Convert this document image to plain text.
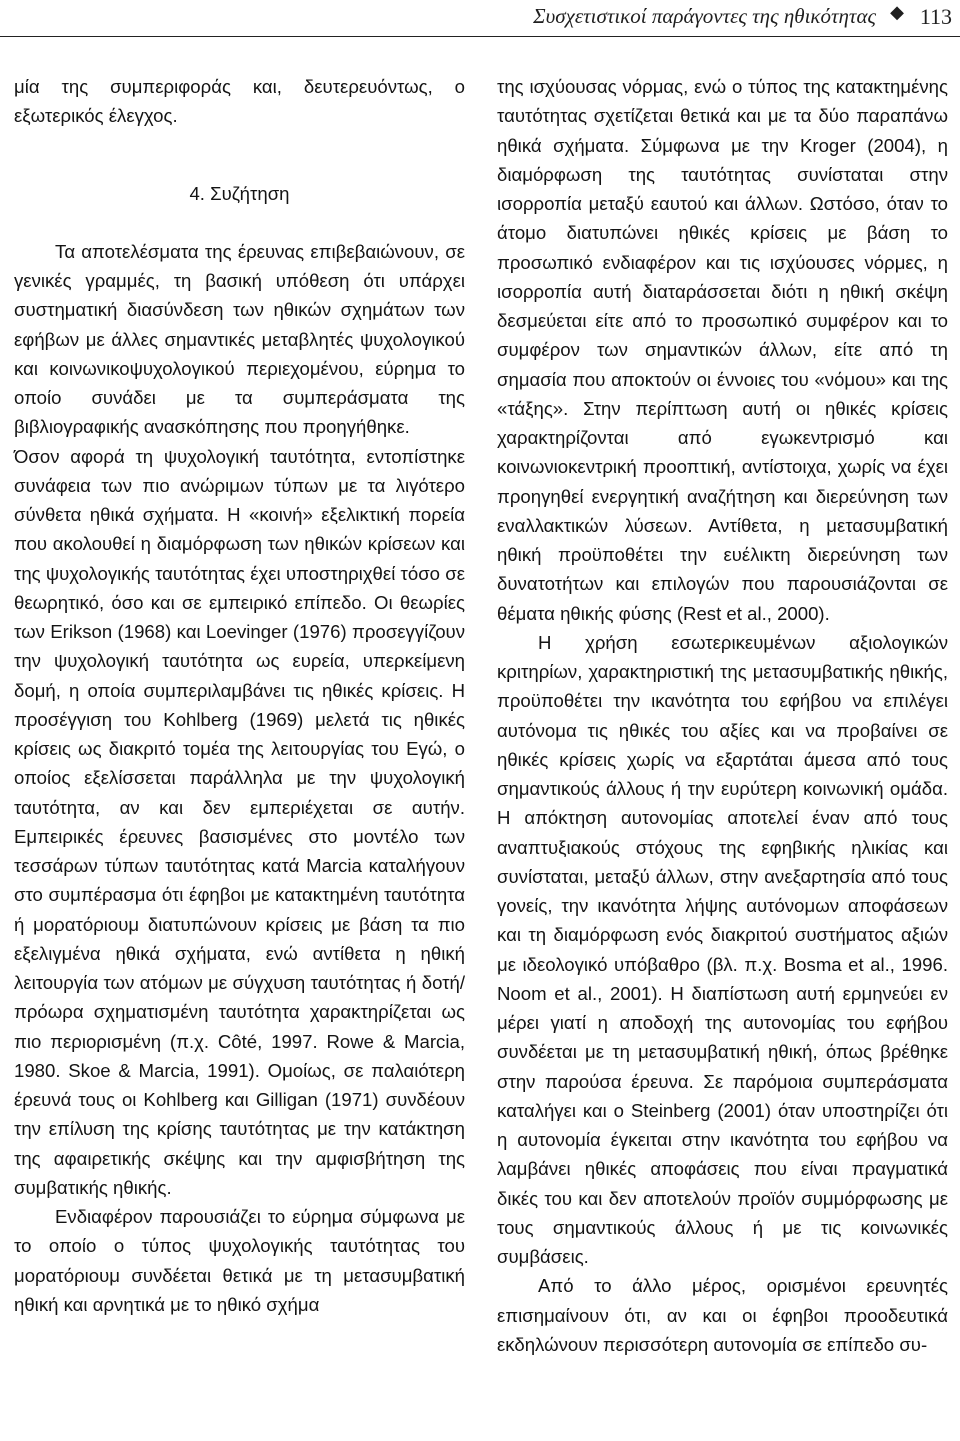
Συσχετιστικοί παράγοντες της ηθικότητας ◆ 113

μία της συμπεριφοράς και, δευτερευόντως, ο εξωτερικός έλεγχος.

4. Συζήτηση

Τα αποτελέσματα της έρευνας επιβεβαιώνουν, σε γενικές γραμμές, τη βασική υπόθεση ότι υπάρχει συστηματική διασύνδεση των ηθικών σχημάτων των εφήβων με άλλες σημαντικές μεταβλητές ψυχολογικού και κοινωνικοψυχολογικού περιεχομένου, εύρημα το οποίο συνάδει με τα συμπεράσματα της βιβλιογραφικής ανασκόπησης που προηγήθηκε.

Όσον αφορά τη ψυχολογική ταυτότητα, εντοπίστηκε συνάφεια των πιο ανώριμων τύπων με τα λιγότερο σύνθετα ηθικά σχήματα. Η «κοινή» εξελικτική πορεία που ακολουθεί η διαμόρφωση των ηθικών κρίσεων και της ψυχολογικής ταυτότητας έχει υποστηριχθεί τόσο σε θεωρητικό, όσο και σε εμπειρικό επίπεδο. Οι θεωρίες των Erikson (1968) και Loevinger (1976) προσεγγίζουν την ψυχολογική ταυτότητα ως ευρεία, υπερκείμενη δομή, η οποία συμπεριλαμβάνει τις ηθικές κρίσεις. Η προσέγγιση του Kohlberg (1969) μελετά τις ηθικές κρίσεις ως διακριτό τομέα της λειτουργίας του Εγώ, ο οποίος εξελίσσεται παράλληλα με την ψυχολογική ταυτότητα, αν και δεν εμπεριέχεται σε αυτήν. Εμπειρικές έρευνες βασισμένες στο μοντέλο των τεσσάρων τύπων ταυτότητας κατά Marcia καταλήγουν στο συμπέρασμα ότι έφηβοι με κατακτημένη ταυτότητα ή μορατόριουμ διατυπώνουν κρίσεις με βάση τα πιο εξελιγμένα ηθικά σχήματα, ενώ αντίθετα η ηθική λειτουργία των ατόμων με σύγχυση ταυτότητας ή δοτή/πρόωρα σχηματισμένη ταυτότητα χαρακτηρίζεται ως πιο περιορισμένη (π.χ. Côté, 1997. Rowe & Marcia, 1980. Skoe & Marcia, 1991). Ομοίως, σε παλαιότερη έρευνά τους οι Kohlberg και Gilligan (1971) συνδέουν την επίλυση της κρίσης ταυτότητας με την κατάκτηση της αφαιρετικής σκέψης και την αμφισβήτηση της συμβατικής ηθικής.

Ενδιαφέρον παρουσιάζει το εύρημα σύμφωνα με το οποίο ο τύπος ψυχολογικής ταυτότητας του μορατόριουμ συνδέεται θετικά με τη μετασυμβατική ηθική και αρνητικά με το ηθικό σχήμα

της ισχύουσας νόρμας, ενώ ο τύπος της κατακτημένης ταυτότητας σχετίζεται θετικά και με τα δύο παραπάνω ηθικά σχήματα. Σύμφωνα με την Kroger (2004), η διαμόρφωση της ταυτότητας συνίσταται στην ισορροπία μεταξύ εαυτού και άλλων. Ωστόσο, όταν το άτομο διατυπώνει ηθικές κρίσεις με βάση το προσωπικό ενδιαφέρον και τις ισχύουσες νόρμες, η ισορροπία αυτή διαταράσσεται διότι η ηθική σκέψη δεσμεύεται είτε από το προσωπικό συμφέρον και το συμφέρον των σημαντικών άλλων, είτε από τη σημασία που αποκτούν οι έννοιες του «νόμου» και της «τάξης». Στην περίπτωση αυτή οι ηθικές κρίσεις χαρακτηρίζονται από εγωκεντρισμό και κοινωνιοκεντρική προοπτική, αντίστοιχα, χωρίς να έχει προηγηθεί ενεργητική αναζήτηση και διερεύνηση των εναλλακτικών λύσεων. Αντίθετα, η μετασυμβατική ηθική προϋποθέτει την ευέλικτη διερεύνηση των δυνατοτήτων και επιλογών που παρουσιάζονται σε θέματα ηθικής φύσης (Rest et al., 2000).

Η χρήση εσωτερικευμένων αξιολογικών κριτηρίων, χαρακτηριστική της μετασυμβατικής ηθικής, προϋποθέτει την ικανότητα του εφήβου να επιλέγει αυτόνομα τις ηθικές του αξίες και να προβαίνει σε ηθικές κρίσεις χωρίς να εξαρτάται άμεσα από τους σημαντικούς άλλους ή την ευρύτερη κοινωνική ομάδα. Η απόκτηση αυτονομίας αποτελεί έναν από τους αναπτυξιακούς στόχους της εφηβικής ηλικίας και συνίσταται, μεταξύ άλλων, στην ανεξαρτησία από τους γονείς, την ικανότητα λήψης αυτόνομων αποφάσεων και τη διαμόρφωση ενός διακριτού συστήματος αξιών με ιδεολογικό υπόβαθρο (βλ. π.χ. Bosma et al., 1996. Noom et al., 2001). Η διαπίστωση αυτή ερμηνεύει εν μέρει γιατί η αποδοχή της αυτονομίας του εφήβου συνδέεται με τη μετασυμβατική ηθική, όπως βρέθηκε στην παρούσα έρευνα. Σε παρόμοια συμπεράσματα καταλήγει και ο Steinberg (2001) όταν υποστηρίζει ότι η αυτονομία έγκειται στην ικανότητα του εφήβου να λαμβάνει ηθικές αποφάσεις που είναι πραγματικά δικές του και δεν αποτελούν προϊόν συμμόρφωσης με τους σημαντικούς άλλους ή με τις κοινωνικές συμβάσεις.

Από το άλλο μέρος, ορισμένοι ερευνητές επισημαίνουν ότι, αν και οι έφηβοι προοδευτικά εκδηλώνουν περισσότερη αυτονομία σε επίπεδο συ-
